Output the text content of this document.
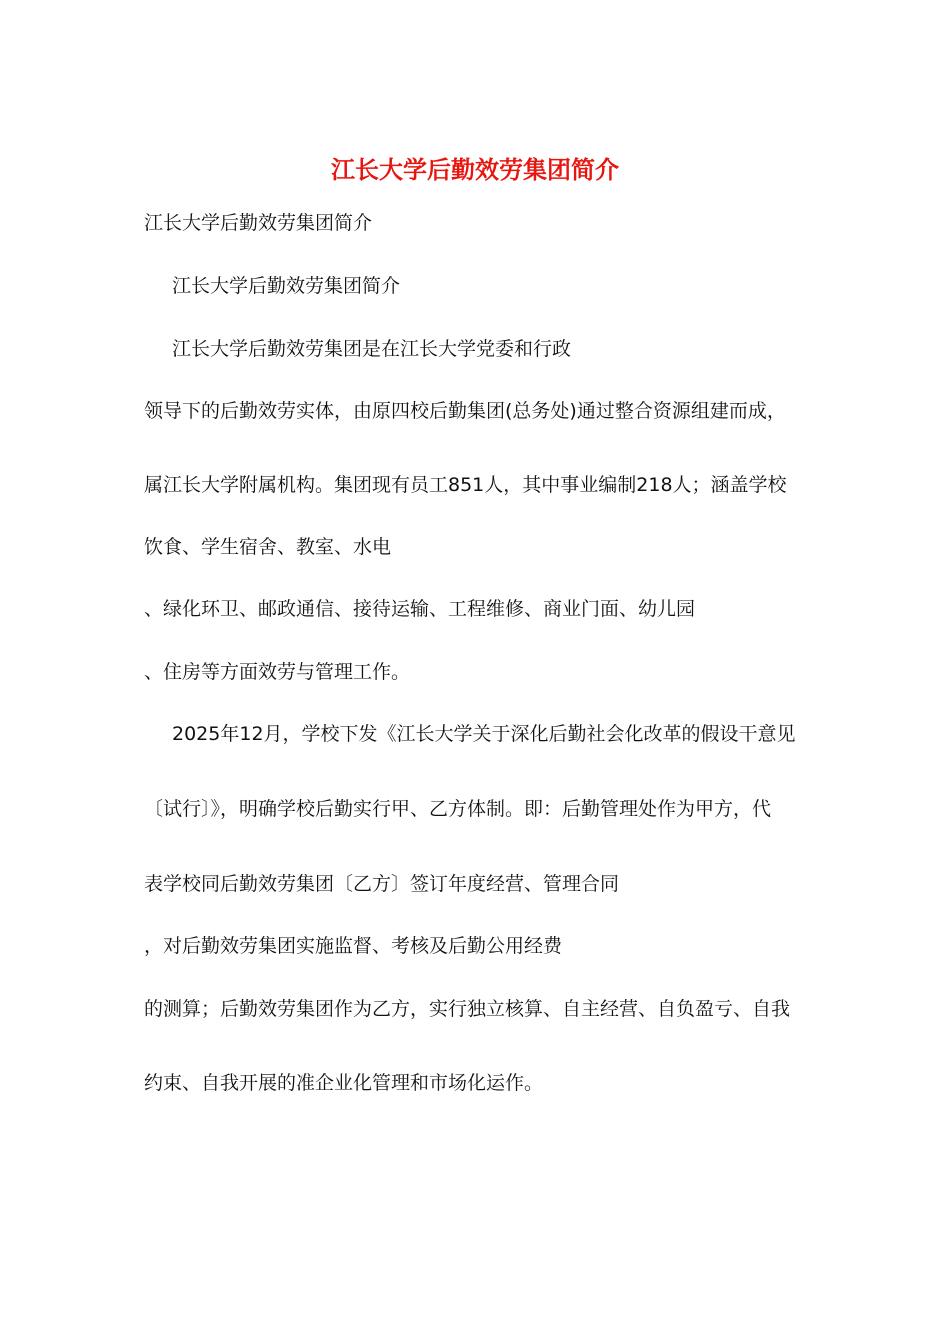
江长大学后勤效劳集团简介
江长大学后勤效劳集团简介
江长大学后勤效劳集团简介
江长大学后勤效劳集团是在江长大学党委和行政
领导下的后勤效劳实体，由原四校后勤集团(总务处)通过整合资源组建而成，
属江长大学附属机构。集团现有员工851人，其中事业编制218人；涵盖学校
饮食、学生宿舍、教室、水电
、绿化环卫、邮政通信、接待运输、工程维修、商业门面、幼儿园
、住房等方面效劳与管理工作。
2025年12月，学校下发《江长大学关于深化后勤社会化改革的假设干意见
〔试行〕》，明确学校后勤实行甲、乙方体制。即：后勤管理处作为甲方，代
表学校同后勤效劳集团〔乙方〕签订年度经营、管理合同
，对后勤效劳集团实施监督、考核及后勤公用经费
的测算；后勤效劳集团作为乙方，实行独立核算、自主经营、自负盈亏、自我
约束、自我开展的准企业化管理和市场化运作。
